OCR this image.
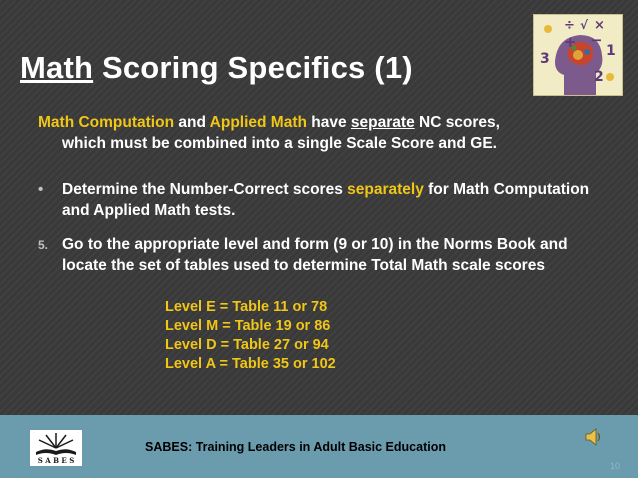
Math Scoring Specifics (1)
÷ √ ×
+ −
3	1
2
Math Computation and Applied Math have separate NC scores,
which must be combined into a single Scale Score and GE.
•	Determine the Number-Correct scores separately for Math Computation and Applied Math tests.
5. Go to the appropriate level and form (9 or 10) in the Norms Book and locate the set of tables used to determine Total Math scale scores
Level E = Table 11 or 78
Level M = Table 19 or 86
Level D = Table 27 or 94
Level A = Table 35 or 102
S A B E S
SABES: Training Leaders in Adult Basic Education
10
